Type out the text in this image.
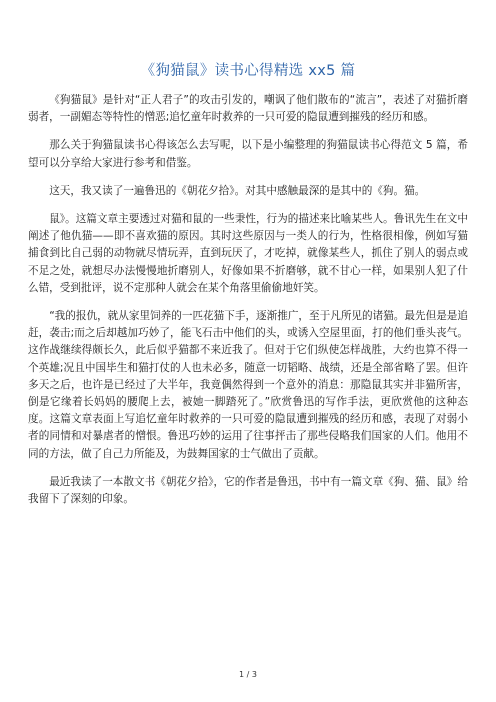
《狗猫鼠》读书心得精选 xx5 篇

《狗猫鼠》是针对“正人君子”的攻击引发的，嘲讽了他们散布的“流言”，表述了对猫折磨弱者，一副媚态等特性的憎恶;追忆童年时救养的一只可爱的隐鼠遭到摧残的经历和感。

那么关于狗猫鼠读书心得该怎么去写呢，以下是小编整理的狗猫鼠读书心得范文 5 篇，希望可以分享给大家进行参考和借鉴。

这天，我又读了一遍鲁迅的《朝花夕拾》。对其中感触最深的是其中的《狗。猫。

鼠》。这篇文章主要透过对猫和鼠的一些秉性，行为的描述来比喻某些人。鲁讯先生在文中阐述了他仇猫——即不喜欢猫的原因。其时这些原因与一类人的行为，性格很相像，例如写猫捕食到比自己弱的动物就尽情玩弄，直到玩厌了，才吃掉，就像某些人，抓住了别人的弱点或不足之处，就想尽办法慢慢地折磨别人，好像如果不折磨够，就不甘心一样，如果别人犯了什么错，受到批评，说不定那种人就会在某个角落里偷偷地奸笑。

“我的报仇，就从家里饲养的一匹花猫下手，逐渐推广，至于凡所见的诸猫。最先但是是追赶，袭击;而之后却越加巧妙了，能飞石击中他们的头，或诱入空屋里面，打的他们垂头丧气。这作战继续得颇长久，此后似乎猫都不来近我了。但对于它们纵使怎样战胜，大约也算不得一个英雄;况且中国毕生和猫打仗的人也未必多，随意一切韬略、战绩，还是全部省略了罢。但许多天之后，也许是已经过了大半年，我竟偶然得到一个意外的消息：那隐鼠其实并非猫所害，倒是它缘着长妈妈的腰爬上去，被她一脚踏死了。”欣赏鲁迅的写作手法，更欣赏他的这种态度。这篇文章表面上写追忆童年时救养的一只可爱的隐鼠遭到摧残的经历和感，表现了对弱小者的同情和对暴虐者的憎恨。鲁迅巧妙的运用了往事抨击了那些侵略我们国家的人们。他用不同的方法，做了自己力所能及，为鼓舞国家的士气做出了贡献。

最近我读了一本散文书《朝花夕拾》，它的作者是鲁迅，书中有一篇文章《狗、猫、鼠》给我留下了深刻的印象。

1 / 3
